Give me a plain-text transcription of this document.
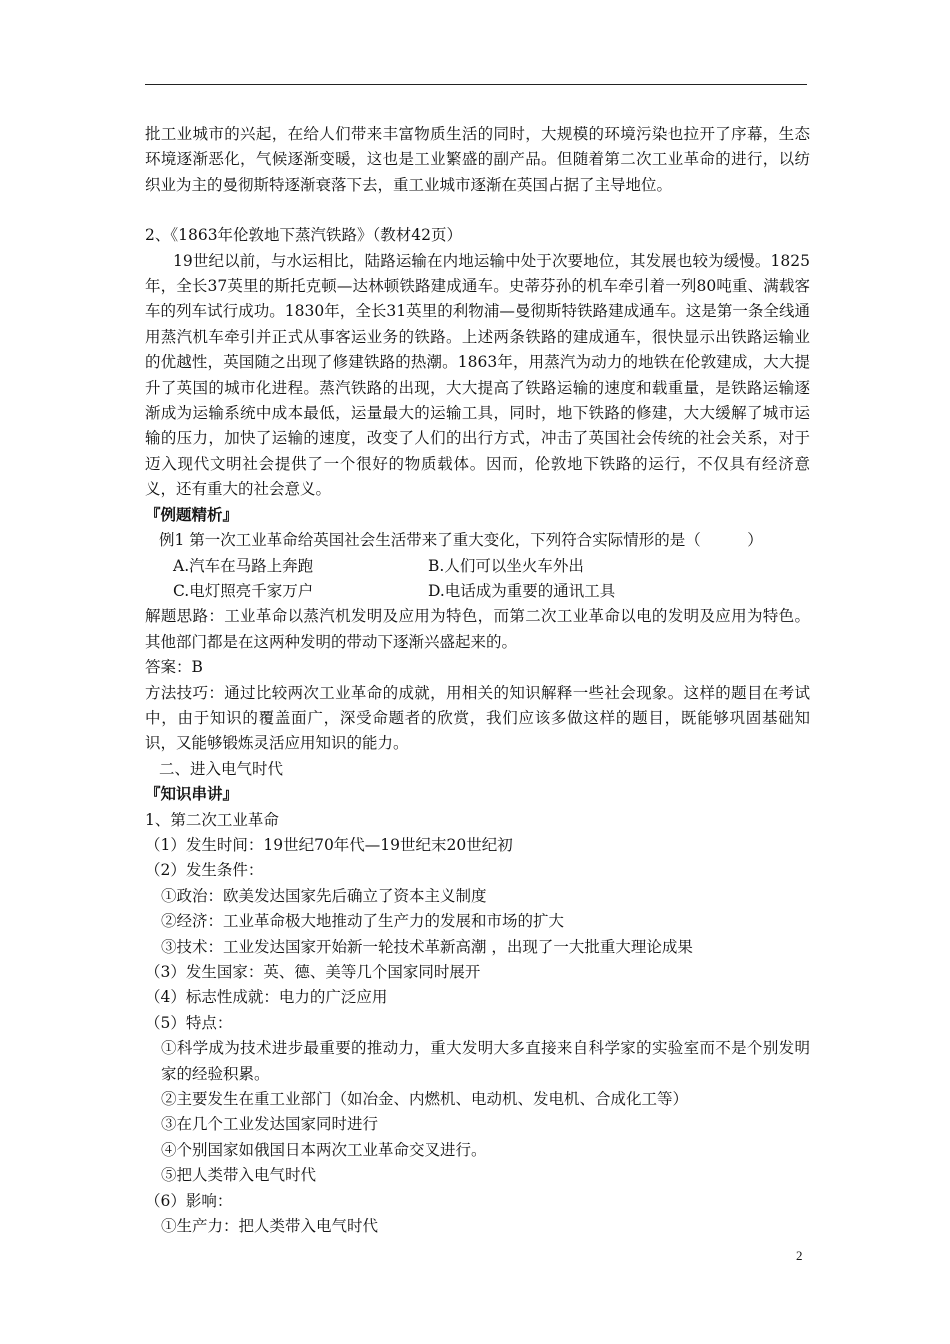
批工业城市的兴起，在给人们带来丰富物质生活的同时，大规模的环境污染也拉开了序幕，生态环境逐渐恶化，气候逐渐变暖，这也是工业繁盛的副产品。但随着第二次工业革命的进行，以纺织业为主的曼彻斯特逐渐衰落下去，重工业城市逐渐在英国占据了主导地位。

2、《1863年伦敦地下蒸汽铁路》（教材42页）

19世纪以前，与水运相比，陆路运输在内地运输中处于次要地位，其发展也较为缓慢。1825年，全长37英里的斯托克顿—达林顿铁路建成通车。史蒂芬孙的机车牵引着一列80吨重、满载客车的列车试行成功。1830年，全长31英里的利物浦—曼彻斯特铁路建成通车。这是第一条全线通用蒸汽机车牵引并正式从事客运业务的铁路。上述两条铁路的建成通车，很快显示出铁路运输业的优越性，英国随之出现了修建铁路的热潮。1863年，用蒸汽为动力的地铁在伦敦建成，大大提升了英国的城市化进程。蒸汽铁路的出现，大大提高了铁路运输的速度和载重量，是铁路运输逐渐成为运输系统中成本最低，运量最大的运输工具，同时，地下铁路的修建，大大缓解了城市运输的压力，加快了运输的速度，改变了人们的出行方式，冲击了英国社会传统的社会关系，对于迈入现代文明社会提供了一个很好的物质载体。因而，伦敦地下铁路的运行，不仅具有经济意义，还有重大的社会意义。

『例题精析』

例1 第一次工业革命给英国社会生活带来了重大变化，下列符合实际情形的是（　　　）

A.汽车在马路上奔跑	B.人们可以坐火车外出
C.电灯照亮千家万户	D.电话成为重要的通讯工具

解题思路：工业革命以蒸汽机发明及应用为特色，而第二次工业革命以电的发明及应用为特色。其他部门都是在这两种发明的带动下逐渐兴盛起来的。

答案：B

方法技巧：通过比较两次工业革命的成就，用相关的知识解释一些社会现象。这样的题目在考试中，由于知识的覆盖面广，深受命题者的欣赏，我们应该多做这样的题目，既能够巩固基础知识，又能够锻炼灵活应用知识的能力。

二、进入电气时代

『知识串讲』

1、第二次工业革命

（1）发生时间：19世纪70年代—19世纪末20世纪初

（2）发生条件：

①政治：欧美发达国家先后确立了资本主义制度

②经济：工业革命极大地推动了生产力的发展和市场的扩大

③技术：工业发达国家开始新一轮技术革新高潮 ，出现了一大批重大理论成果

（3）发生国家：英、德、美等几个国家同时展开

（4）标志性成就：电力的广泛应用

（5）特点：

①科学成为技术进步最重要的推动力，重大发明大多直接来自科学家的实验室而不是个别发明家的经验积累。

②主要发生在重工业部门（如冶金、内燃机、电动机、发电机、合成化工等）

③在几个工业发达国家同时进行

④个别国家如俄国日本两次工业革命交叉进行。

⑤把人类带入电气时代

（6）影响：

①生产力：把人类带入电气时代

2
